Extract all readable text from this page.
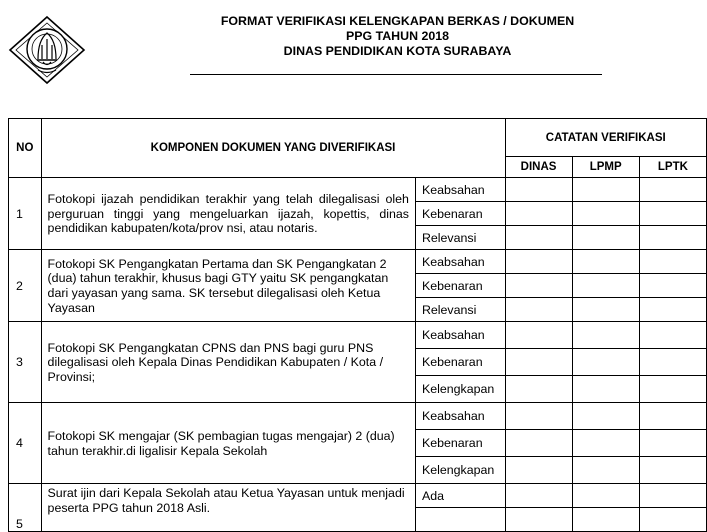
FORMAT VERIFIKASI KELENGKAPAN BERKAS / DOKUMEN
PPG TAHUN 2018
DINAS PENDIDIKAN KOTA SURABAYA
NO	KOMPONEN DOKUMEN YANG DIVERIFIKASI		CATATAN VERIFIKASI		
			DINAS	LPMP	LPTK
1	Fotokopi ijazah pendidikan terakhir yang telah dilegalisasi oleh perguruan tinggi yang mengeluarkan ijazah, kopettis, dinas pendidikan kabupaten/kota/prov nsi, atau notaris.	Keabsahan			
		Kebenaran			
		Relevansi			
2	Fotokopi SK Pengangkatan Pertama dan SK Pengangkatan 2 (dua) tahun terakhir, khusus bagi GTY yaitu SK pengangkatan dari yayasan yang sama. SK tersebut dilegalisasi oleh Ketua Yayasan	Keabsahan			
		Kebenaran			
		Relevansi			
3	Fotokopi SK Pengangkatan CPNS dan PNS bagi guru PNS dilegalisasi oleh Kepala Dinas Pendidikan Kabupaten / Kota / Provinsi;	Keabsahan			
		Kebenaran			
		Kelengkapan			
4	Fotokopi SK mengajar (SK pembagian tugas mengajar) 2 (dua) tahun terakhir.di ligalisir Kepala Sekolah	Keabsahan			
		Kebenaran			
		Kelengkapan			
5	Surat ijin dari Kepala Sekolah atau Ketua Yayasan untuk menjadi peserta PPG tahun 2018 Asli.	Ada			
